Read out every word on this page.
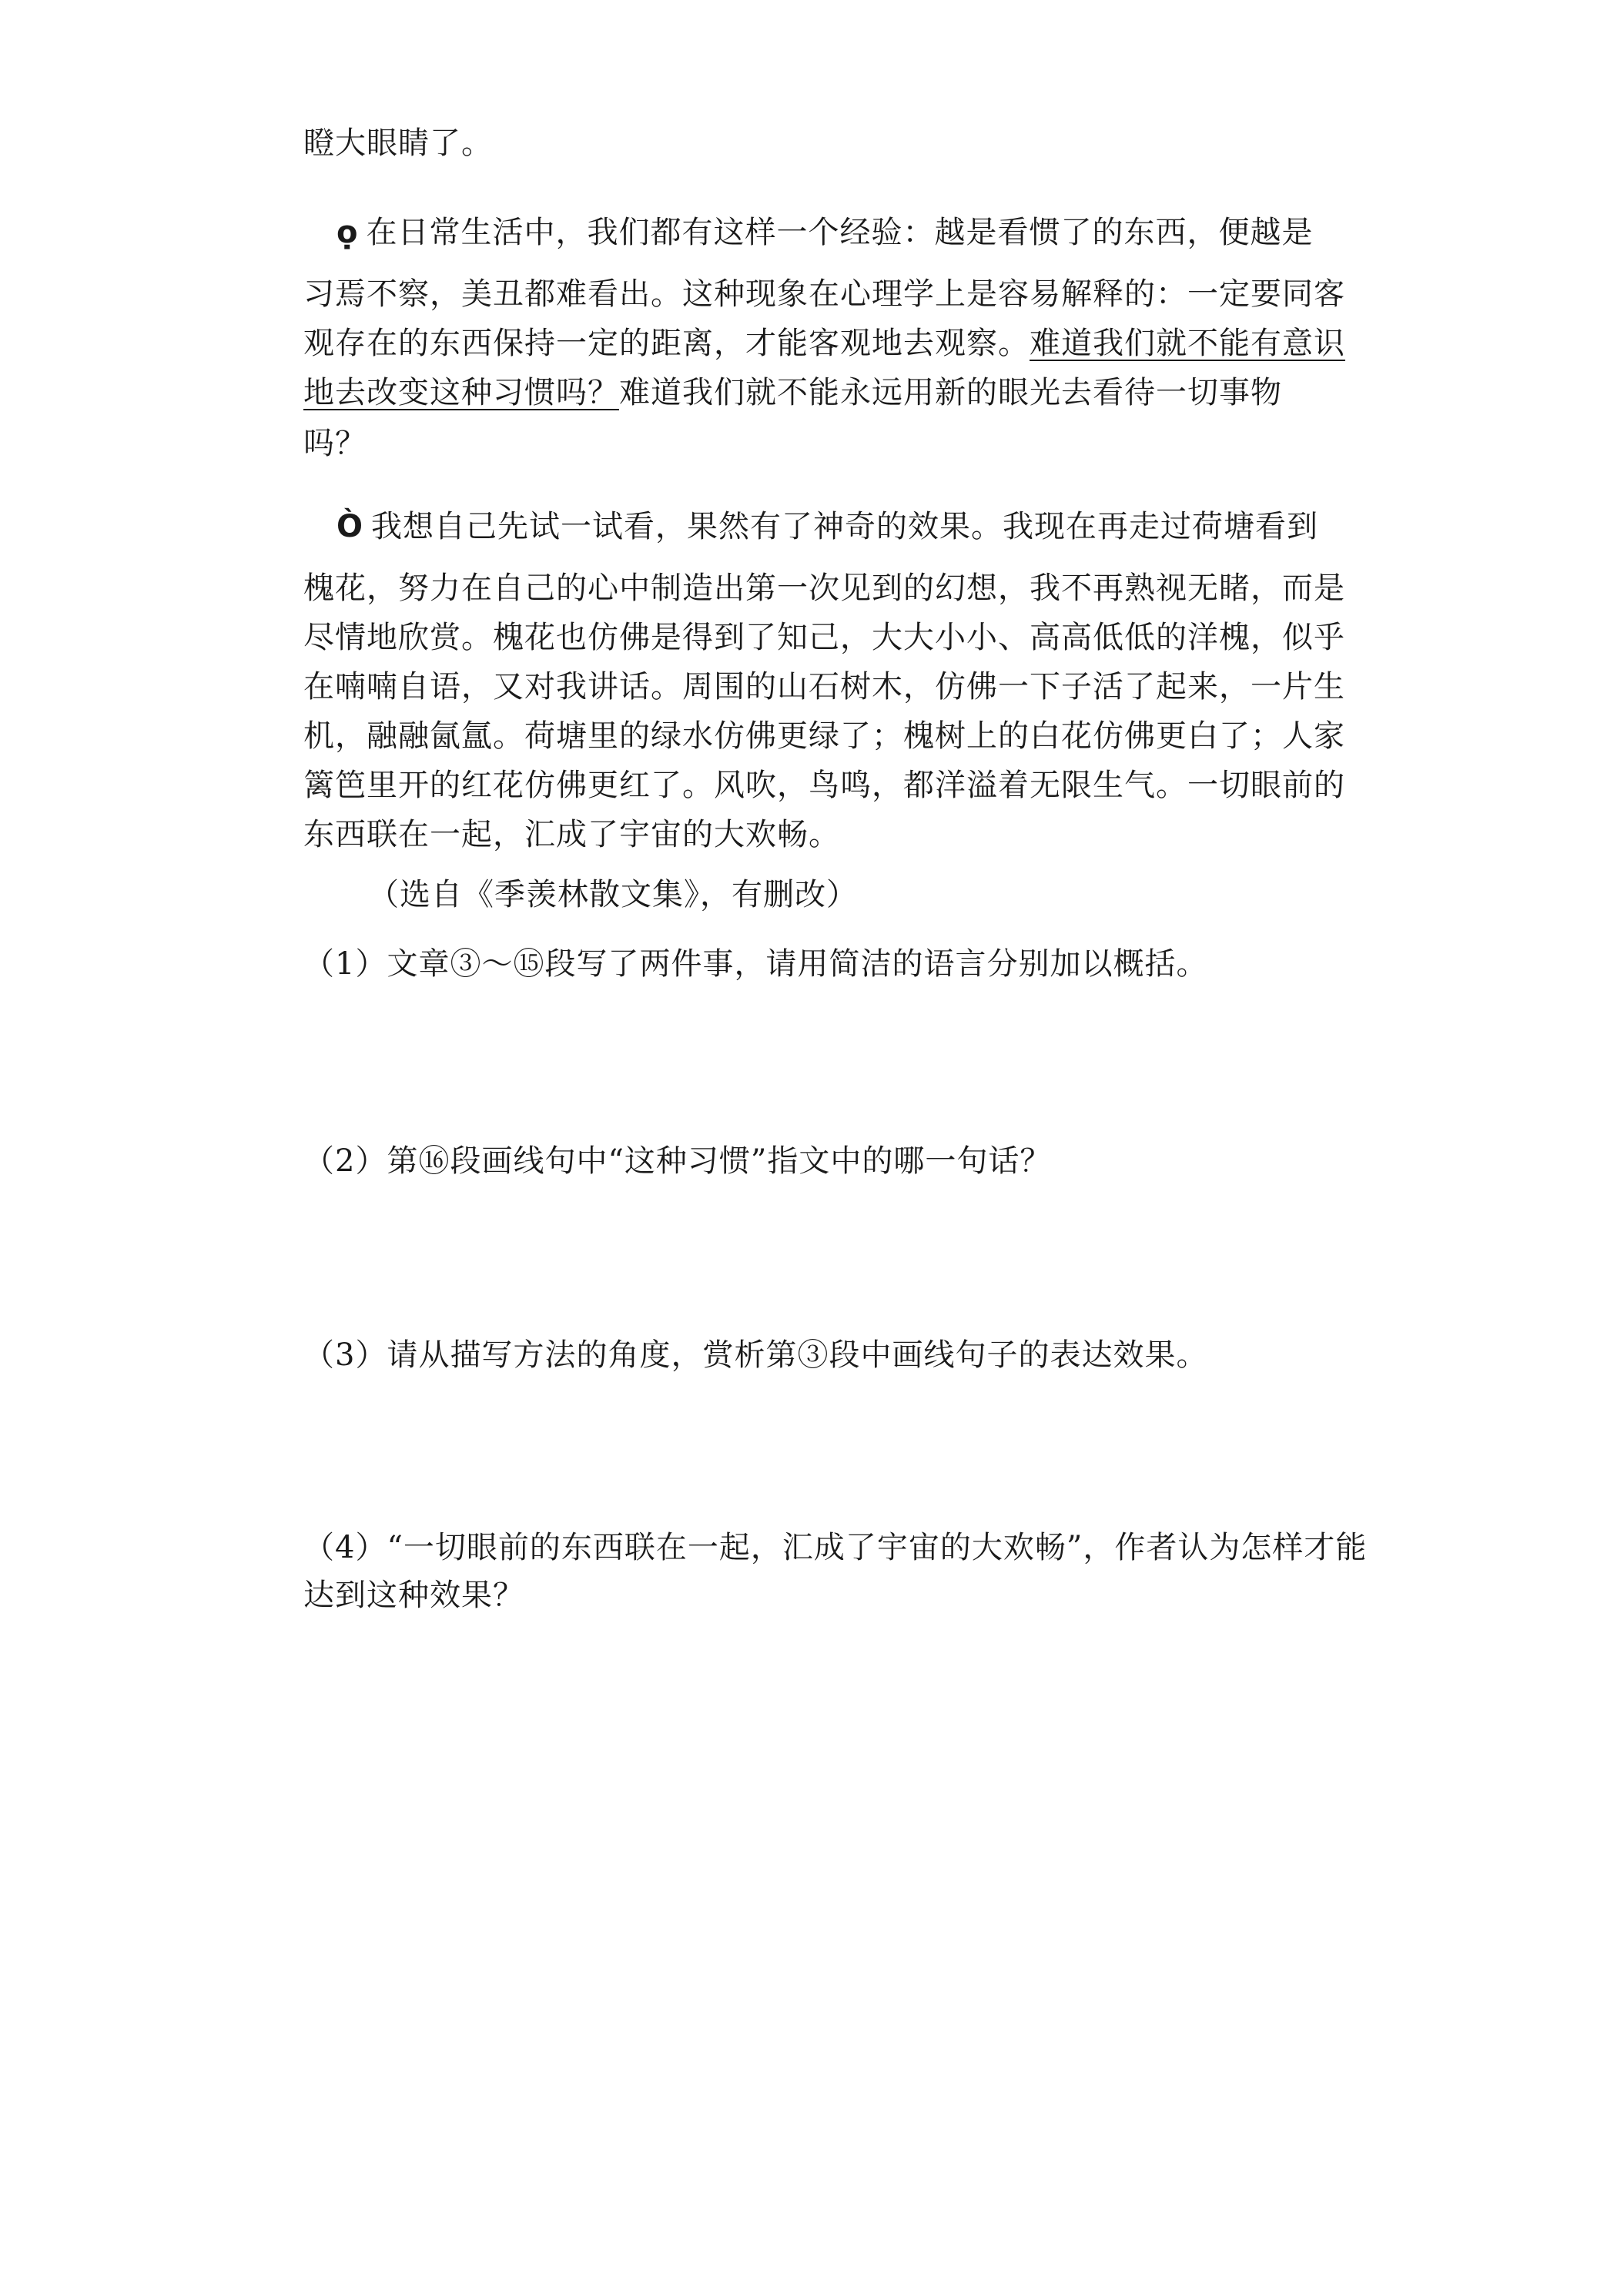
瞪大眼睛了。
ọ 在日常生活中，我们都有这样一个经验：越是看惯了的东西，便越是
习焉不察，美丑都难看出。这种现象在心理学上是容易解释的：一定要同客
观存在的东西保持一定的距离，才能客观地去观察。难道我们就不能有意识
地去改变这种习惯吗？难道我们就不能永远用新的眼光去看待一切事物
吗？
Ò 我想自己先试一试看，果然有了神奇的效果。我现在再走过荷塘看到
槐花，努力在自己的心中制造出第一次见到的幻想，我不再熟视无睹，而是
尽情地欣赏。槐花也仿佛是得到了知己，大大小小、高高低低的洋槐，似乎
在喃喃自语，又对我讲话。周围的山石树木，仿佛一下子活了起来，一片生
机，融融氤氲。荷塘里的绿水仿佛更绿了；槐树上的白花仿佛更白了；人家
篱笆里开的红花仿佛更红了。风吹，鸟鸣，都洋溢着无限生气。一切眼前的
东西联在一起，汇成了宇宙的大欢畅。
（选自《季羡林散文集》，有删改）
（1）文章③～⑮段写了两件事，请用简洁的语言分别加以概括。
（2）第⑯段画线句中“这种习惯”指文中的哪一句话？
（3）请从描写方法的角度，赏析第③段中画线句子的表达效果。
（4）“一切眼前的东西联在一起，汇成了宇宙的大欢畅”，作者认为怎样才能
达到这种效果？
